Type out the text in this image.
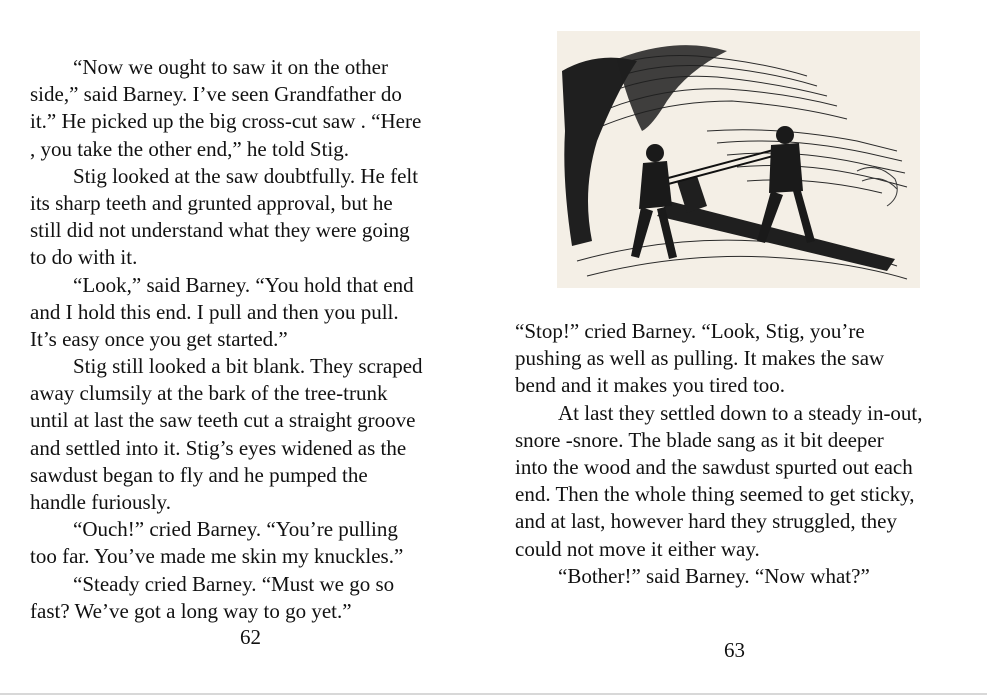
“Now we ought to saw it on the other
side,” said Barney. I’ve seen Grandfather do
it.” He picked up the big cross-cut saw . “Here
, you take the other end,” he told Stig.
Stig looked at the saw doubtfully. He felt
its sharp teeth and grunted approval, but he
still did not understand what they were going
to do with it.
“Look,” said Barney. “You hold that end
and I hold this end. I pull and then you pull.
It’s easy once you get started.”
Stig still looked a bit blank. They scraped
away clumsily at the bark of the tree-trunk
until at last the saw teeth cut a straight groove
and settled into it. Stig’s eyes widened as the
sawdust began to fly and he pumped the
handle furiously.
“Ouch!” cried Barney. “You’re pulling
too far. You’ve made me skin my knuckles.”
“Steady cried Barney. “Must we go so
fast? We’ve got a long way to go yet.”
62
“Stop!” cried Barney. “Look, Stig, you’re
pushing as well as pulling. It makes the saw
bend and it makes you tired too.
At last they settled down to a steady in-out,
snore -snore. The blade sang as it bit deeper
into the wood and the sawdust spurted out each
end. Then the whole thing seemed to get sticky,
and at last, however hard they struggled, they
could not move it either way.
“Bother!” said Barney. “Now what?”
63
